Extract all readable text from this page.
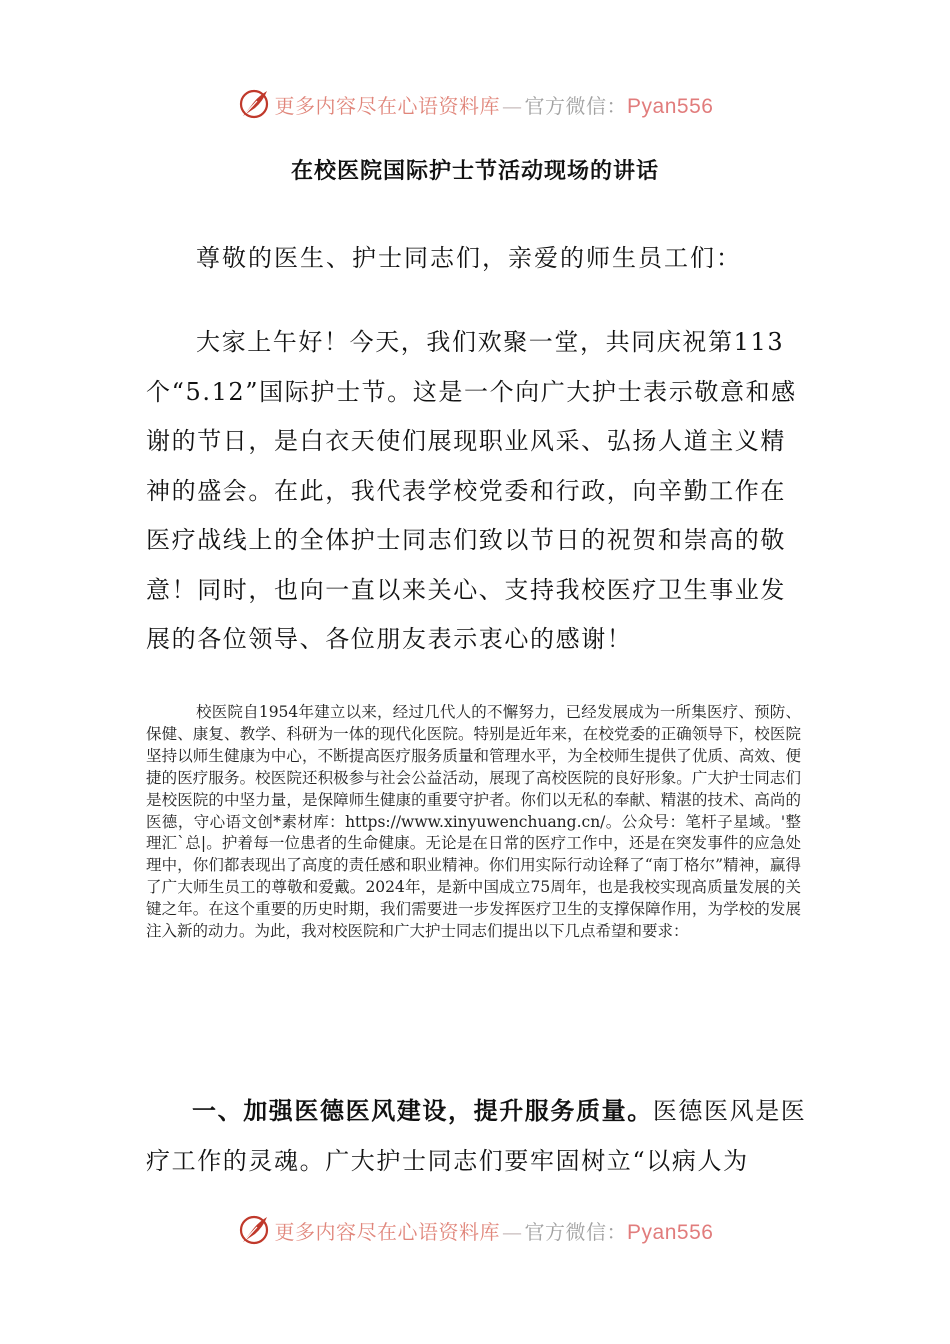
更多内容尽在心语资料库 — 官方微信：Pyan556
在校医院国际护士节活动现场的讲话
尊敬的医生、护士同志们，亲爱的师生员工们：
大家上午好！今天，我们欢聚一堂，共同庆祝第113个“5.12”国际护士节。这是一个向广大护士表示敬意和感谢的节日，是白衣天使们展现职业风采、弘扬人道主义精神的盛会。在此，我代表学校党委和行政，向辛勤工作在医疗战线上的全体护士同志们致以节日的祝贺和崇高的敬意！同时，也向一直以来关心、支持我校医疗卫生事业发展的各位领导、各位朋友表示衷心的感谢！
校医院自1954年建立以来，经过几代人的不懈努力，已经发展成为一所集医疗、预防、保健、康复、教学、科研为一体的现代化医院。特别是近年来，在校党委的正确领导下，校医院坚持以师生健康为中心，不断提高医疗服务质量和管理水平，为全校师生提供了优质、高效、便捷的医疗服务。校医院还积极参与社会公益活动，展现了高校医院的良好形象。广大护士同志们是校医院的中坚力量，是保障师生健康的重要守护者。你们以无私的奉献、精湛的技术、高尚的医德，守心语文创*素材库：https://www.xinyuwenchuang.cn/。公众号：笔杆子星域。'整理汇`总|。护着每一位患者的生命健康。无论是在日常的医疗工作中，还是在突发事件的应急处理中，你们都表现出了高度的责任感和职业精神。你们用实际行动诠释了“南丁格尔”精神，赢得了广大师生员工的尊敬和爱戴。2024年，是新中国成立75周年，也是我校实现高质量发展的关键之年。在这个重要的历史时期，我们需要进一步发挥医疗卫生的支撑保障作用，为学校的发展注入新的动力。为此，我对校医院和广大护士同志们提出以下几点希望和要求：
一、加强医德医风建设，提升服务质量。医德医风是医疗工作的灵魂。广大护士同志们要牢固树立“以病人为
更多内容尽在心语资料库 — 官方微信：Pyan556
